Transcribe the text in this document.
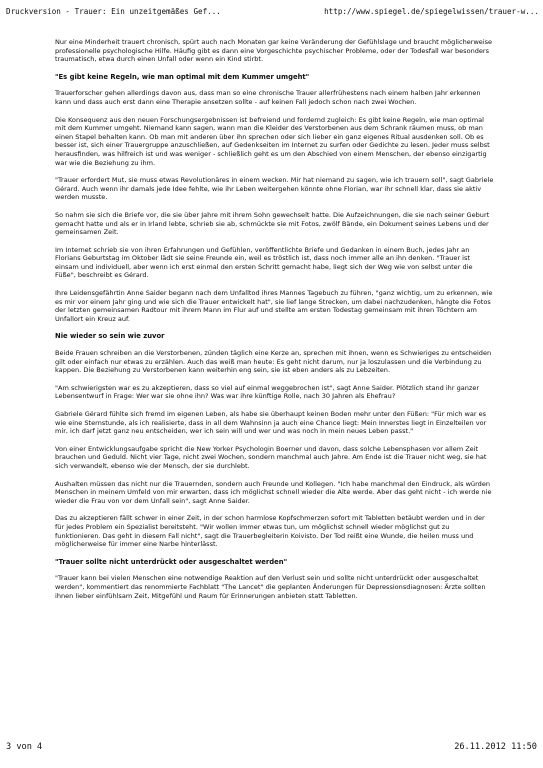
Druckversion - Trauer: Ein unzeitgemäßes Gef...	http://www.spiegel.de/spiegelwissen/trauer-w...

Nur eine Minderheit trauert chronisch, spürt auch nach Monaten gar keine Veränderung der Gefühlslage und braucht möglicherweise professionelle psychologische Hilfe. Häufig gibt es dann eine Vorgeschichte psychischer Probleme, oder der Todesfall war besonders traumatisch, etwa durch einen Unfall oder wenn ein Kind stirbt.

"Es gibt keine Regeln, wie man optimal mit dem Kummer umgeht"

Trauerforscher gehen allerdings davon aus, dass man so eine chronische Trauer allerfrühestens nach einem halben Jahr erkennen kann und dass auch erst dann eine Therapie ansetzen sollte - auf keinen Fall jedoch schon nach zwei Wochen.

Die Konsequenz aus den neuen Forschungsergebnissen ist befreiend und fordernd zugleich: Es gibt keine Regeln, wie man optimal mit dem Kummer umgeht. Niemand kann sagen, wann man die Kleider des Verstorbenen aus dem Schrank räumen muss, ob man einen Stapel behalten kann. Ob man mit anderen über ihn sprechen oder sich lieber ein ganz eigenes Ritual ausdenken soll. Ob es besser ist, sich einer Trauergruppe anzuschließen, auf Gedenkseiten im Internet zu surfen oder Gedichte zu lesen. Jeder muss selbst herausfinden, was hilfreich ist und was weniger - schließlich geht es um den Abschied von einem Menschen, der ebenso einzigartig war wie die Beziehung zu ihm.

"Trauer erfordert Mut, sie muss etwas Revolutionäres in einem wecken. Mir hat niemand zu sagen, wie ich trauern soll", sagt Gabriele Gérard. Auch wenn ihr damals jede Idee fehlte, wie ihr Leben weitergehen könnte ohne Florian, war ihr schnell klar, dass sie aktiv werden musste.

So nahm sie sich die Briefe vor, die sie über Jahre mit ihrem Sohn gewechselt hatte. Die Aufzeichnungen, die sie nach seiner Geburt gemacht hatte und als er in Irland lebte, schrieb sie ab, schmückte sie mit Fotos, zwölf Bände, ein Dokument seines Lebens und der gemeinsamen Zeit.

Im Internet schrieb sie von ihren Erfahrungen und Gefühlen, veröffentlichte Briefe und Gedanken in einem Buch, jedes Jahr an Florians Geburtstag im Oktober lädt sie seine Freunde ein, weil es tröstlich ist, dass noch immer alle an ihn denken. "Trauer ist einsam und individuell, aber wenn ich erst einmal den ersten Schritt gemacht habe, liegt sich der Weg wie von selbst unter die Füße", beschreibt es Gérard.

Ihre Leidensgefährtin Anne Saider begann nach dem Unfalltod ihres Mannes Tagebuch zu führen, "ganz wichtig, um zu erkennen, wie es mir vor einem Jahr ging und wie sich die Trauer entwickelt hat", sie lief lange Strecken, um dabei nachzudenken, hängte die Fotos der letzten gemeinsamen Radtour mit ihrem Mann im Flur auf und stellte am ersten Todestag gemeinsam mit ihren Töchtern am Unfallort ein Kreuz auf.

Nie wieder so sein wie zuvor

Beide Frauen schreiben an die Verstorbenen, zünden täglich eine Kerze an, sprechen mit ihnen, wenn es Schwieriges zu entscheiden gilt oder einfach nur etwas zu erzählen. Auch das weiß man heute: Es geht nicht darum, nur ja loszulassen und die Verbindung zu kappen. Die Beziehung zu Verstorbenen kann weiterhin eng sein, sie ist eben anders als zu Lebzeiten.

"Am schwierigsten war es zu akzeptieren, dass so viel auf einmal weggebrochen ist", sagt Anne Saider. Plötzlich stand ihr ganzer Lebensentwurf in Frage: Wer war sie ohne ihn? Was war ihre künftige Rolle, nach 30 Jahren als Ehefrau?

Gabriele Gérard fühlte sich fremd im eigenen Leben, als habe sie überhaupt keinen Boden mehr unter den Füßen: "Für mich war es wie eine Sternstunde, als ich realisierte, dass in all dem Wahnsinn ja auch eine Chance liegt: Mein Innerstes liegt in Einzelteilen vor mir, ich darf jetzt ganz neu entscheiden, wer ich sein will und wer und was noch in mein neues Leben passt."

Von einer Entwicklungsaufgabe spricht die New Yorker Psychologin Boerner und davon, dass solche Lebensphasen vor allem Zeit brauchen und Geduld. Nicht vier Tage, nicht zwei Wochen, sondern manchmal auch Jahre. Am Ende ist die Trauer nicht weg, sie hat sich verwandelt, ebenso wie der Mensch, der sie durchlebt.

Aushalten müssen das nicht nur die Trauernden, sondern auch Freunde und Kollegen. "Ich habe manchmal den Eindruck, als würden Menschen in meinem Umfeld von mir erwarten, dass ich möglichst schnell wieder die Alte werde. Aber das geht nicht - ich werde nie wieder die Frau von vor dem Unfall sein", sagt Anne Saider.

Das zu akzeptieren fällt schwer in einer Zeit, in der schon harmlose Kopfschmerzen sofort mit Tabletten betäubt werden und in der für jedes Problem ein Spezialist bereitsteht. "Wir wollen immer etwas tun, um möglichst schnell wieder möglichst gut zu funktionieren. Das geht in diesem Fall nicht", sagt die Trauerbegleiterin Koivisto. Der Tod reißt eine Wunde, die heilen muss und möglicherweise für immer eine Narbe hinterlässt.

"Trauer sollte nicht unterdrückt oder ausgeschaltet werden"

"Trauer kann bei vielen Menschen eine notwendige Reaktion auf den Verlust sein und sollte nicht unterdrückt oder ausgeschaltet werden", kommentiert das renommierte Fachblatt "The Lancet" die geplanten Änderungen für Depressionsdiagnosen: Ärzte sollten ihnen lieber einfühlsam Zeit, Mitgefühl und Raum für Erinnerungen anbieten statt Tabletten.

3 von 4	26.11.2012 11:50
